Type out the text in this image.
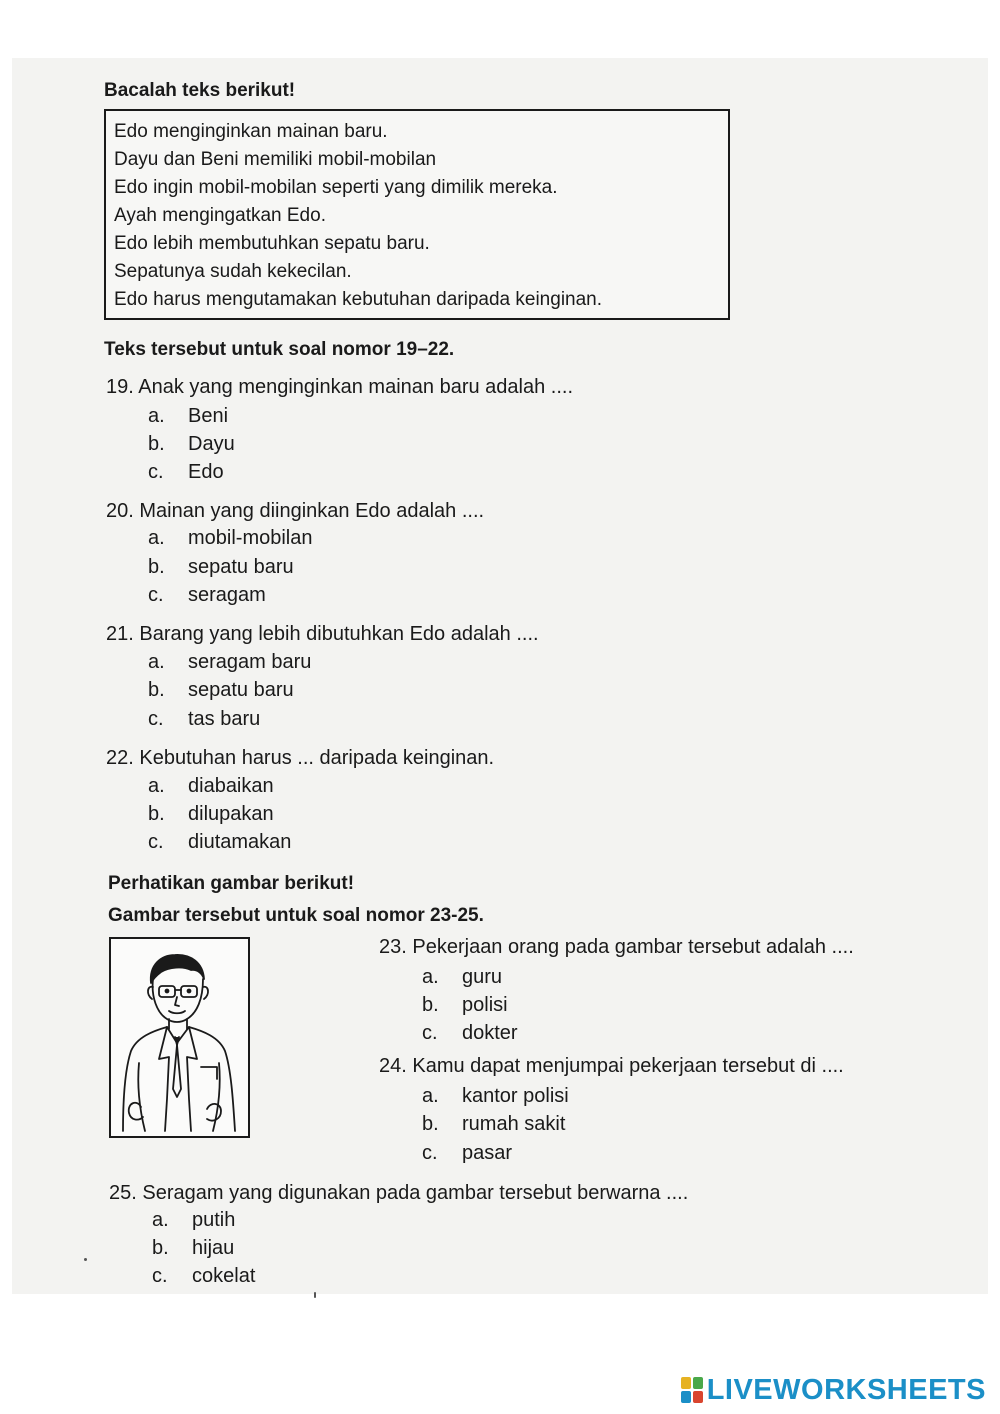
Bacalah teks berikut!
Edo menginginkan mainan baru.
Dayu dan Beni memiliki mobil-mobilan
Edo ingin mobil-mobilan seperti yang dimilik mereka.
Ayah mengingatkan Edo.
Edo lebih membutuhkan sepatu baru.
Sepatunya sudah kekecilan.
Edo harus mengutamakan kebutuhan daripada keinginan.
Teks tersebut untuk soal nomor 19–22.
19. Anak yang menginginkan mainan baru adalah ....
a. Beni
b. Dayu
c. Edo
20. Mainan yang diinginkan Edo adalah ....
a. mobil-mobilan
b. sepatu baru
c. seragam
21. Barang yang lebih dibutuhkan Edo adalah ....
a. seragam baru
b. sepatu baru
c. tas baru
22. Kebutuhan harus ... daripada keinginan.
a. diabaikan
b. dilupakan
c. diutamakan
Perhatikan gambar berikut!
Gambar tersebut untuk soal nomor 23-25.
23. Pekerjaan orang pada gambar tersebut adalah ....
a. guru
b. polisi
c. dokter
24. Kamu dapat menjumpai pekerjaan tersebut di ....
a. kantor polisi
b. rumah sakit
c. pasar
25. Seragam yang digunakan pada gambar tersebut berwarna ....
a. putih
b. hijau
c. cokelat
LIVEWORKSHEETS
